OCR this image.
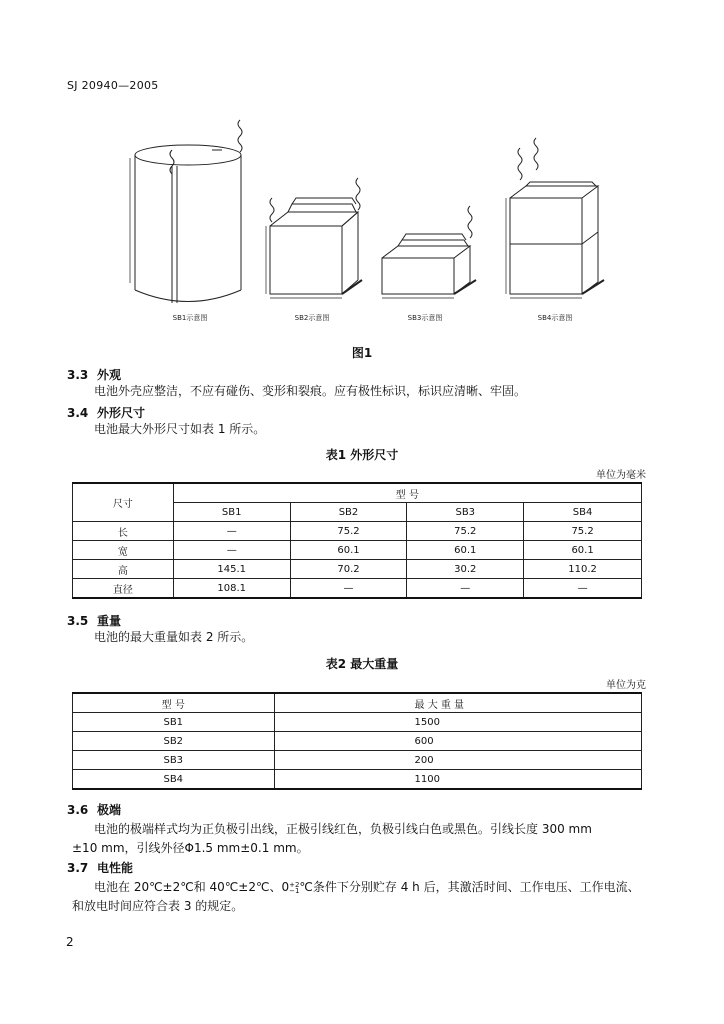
SJ 20940—2005
SB1示意图	SB2示意图	SB3示意图	SB4示意图
图1
3.3 外观
电池外壳应整洁，不应有碰伤、变形和裂痕。应有极性标识，标识应清晰、牢固。
3.4 外形尺寸
电池最大外形尺寸如表 1 所示。
表1 外形尺寸
单位为毫米
尺寸	型 号			
	SB1	SB2	SB3	SB4
长	—	75.2	75.2	75.2
宽	—	60.1	60.1	60.1
高	145.1	70.2	30.2	110.2
直径	108.1	—	—	—
3.5 重量
电池的最大重量如表 2 所示。
表2 最大重量
单位为克
型 号	最 大 重 量
SB1	1500
SB2	600
SB3	200
SB4	1100
3.6 极端
电池的极端样式均为正负极引出线，正极引线红色，负极引线白色或黑色。引线长度 300 mm
±10 mm，引线外径Φ1.5 mm±0.1 mm。
3.7 电性能
电池在 20℃±2℃和 40℃±2℃、0+2
−1℃条件下分别贮存 4 h 后，其激活时间、工作电压、工作电流、
和放电时间应符合表 3 的规定。
2
